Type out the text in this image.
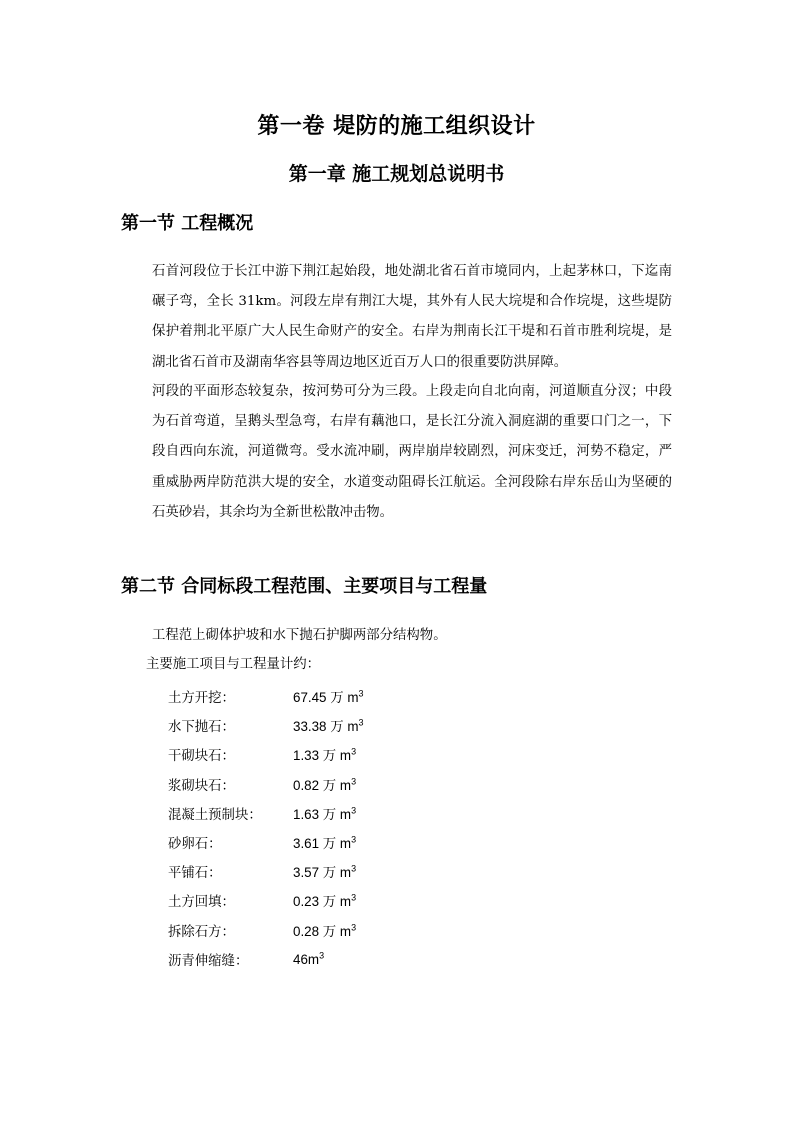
第一卷 堤防的施工组织设计
第一章 施工规划总说明书
第一节 工程概况
石首河段位于长江中游下荆江起始段，地处湖北省石首市境同内，上起茅林口，下迄南碾子弯，全长 31km。河段左岸有荆江大堤，其外有人民大垸堤和合作垸堤，这些堤防保护着荆北平原广大人民生命财产的安全。右岸为荆南长江干堤和石首市胜利垸堤，是湖北省石首市及湖南华容县等周边地区近百万人口的很重要防洪屏障。
河段的平面形态较复杂，按河势可分为三段。上段走向自北向南，河道顺直分汊；中段为石首弯道，呈鹅头型急弯，右岸有藕池口，是长江分流入洞庭湖的重要口门之一，下段自西向东流，河道微弯。受水流冲刷，两岸崩岸较剧烈，河床变迁，河势不稳定，严重威胁两岸防范洪大堤的安全，水道变动阻碍长江航运。全河段除右岸东岳山为坚硬的石英砂岩，其余均为全新世松散冲击物。
第二节 合同标段工程范围、主要项目与工程量
工程范上砌体护坡和水下抛石护脚两部分结构物。
主要施工项目与工程量计约：
土方开挖：	67.45 万 $m^3$
水下抛石：	33.38 万 $m^3$
干砌块石：	1.33 万 $m^3$
浆砌块石：	0.82 万 $m^3$
混凝土预制块：	1.63 万 $m^3$
砂卵石：	3.61 万 $m^3$
平铺石：	3.57 万 $m^3$
土方回填：	0.23 万 $m^3$
拆除石方：	0.28 万 $m^3$
沥青伸缩缝：	$46m^3$
